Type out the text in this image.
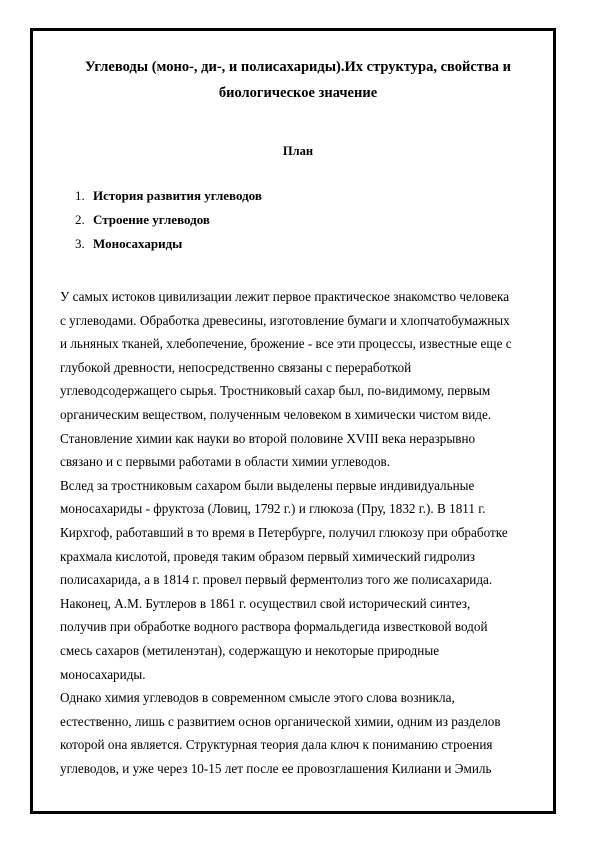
Углеводы (моно-, ди-, и полисахариды).Их структура, свойства и
биологическое значение
План
1. История развития углеводов
2. Строение углеводов
3. Моносахариды
У самых истоков цивилизации лежит первое практическое знакомство человека
с углеводами. Обработка древесины, изготовление бумаги и хлопчатобумажных
и льняных тканей, хлебопечение, брожение - все эти процессы, известные еще с
глубокой древности, непосредственно связаны с переработкой
углеводсодержащего сырья. Тростниковый сахар был, по-видимому, первым
органическим веществом, полученным человеком в химически чистом виде.
Становление химии как науки во второй половине XVIII века неразрывно
связано и с первыми работами в области химии углеводов.
Вслед за тростниковым сахаром были выделены первые индивидуальные
моносахариды - фруктоза (Ловиц, 1792 г.) и глюкоза (Пру, 1832 г.). В 1811 г.
Кирхгоф, работавший в то время в Петербурге, получил глюкозу при обработке
крахмала кислотой, проведя таким образом первый химический гидролиз
полисахарида, а в 1814 г. провел первый ферментолиз того же полисахарида.
Наконец, А.М. Бутлеров в 1861 г. осуществил свой исторический синтез,
получив при обработке водного раствора формальдегида известковой водой
смесь сахаров (метиленэтан), содержащую и некоторые природные
моносахариды.
Однако химия углеводов в современном смысле этого слова возникла,
естественно, лишь с развитием основ органической химии, одним из разделов
которой она является. Структурная теория дала ключ к пониманию строения
углеводов, и уже через 10-15 лет после ее провозглашения Килиани и Эмиль
